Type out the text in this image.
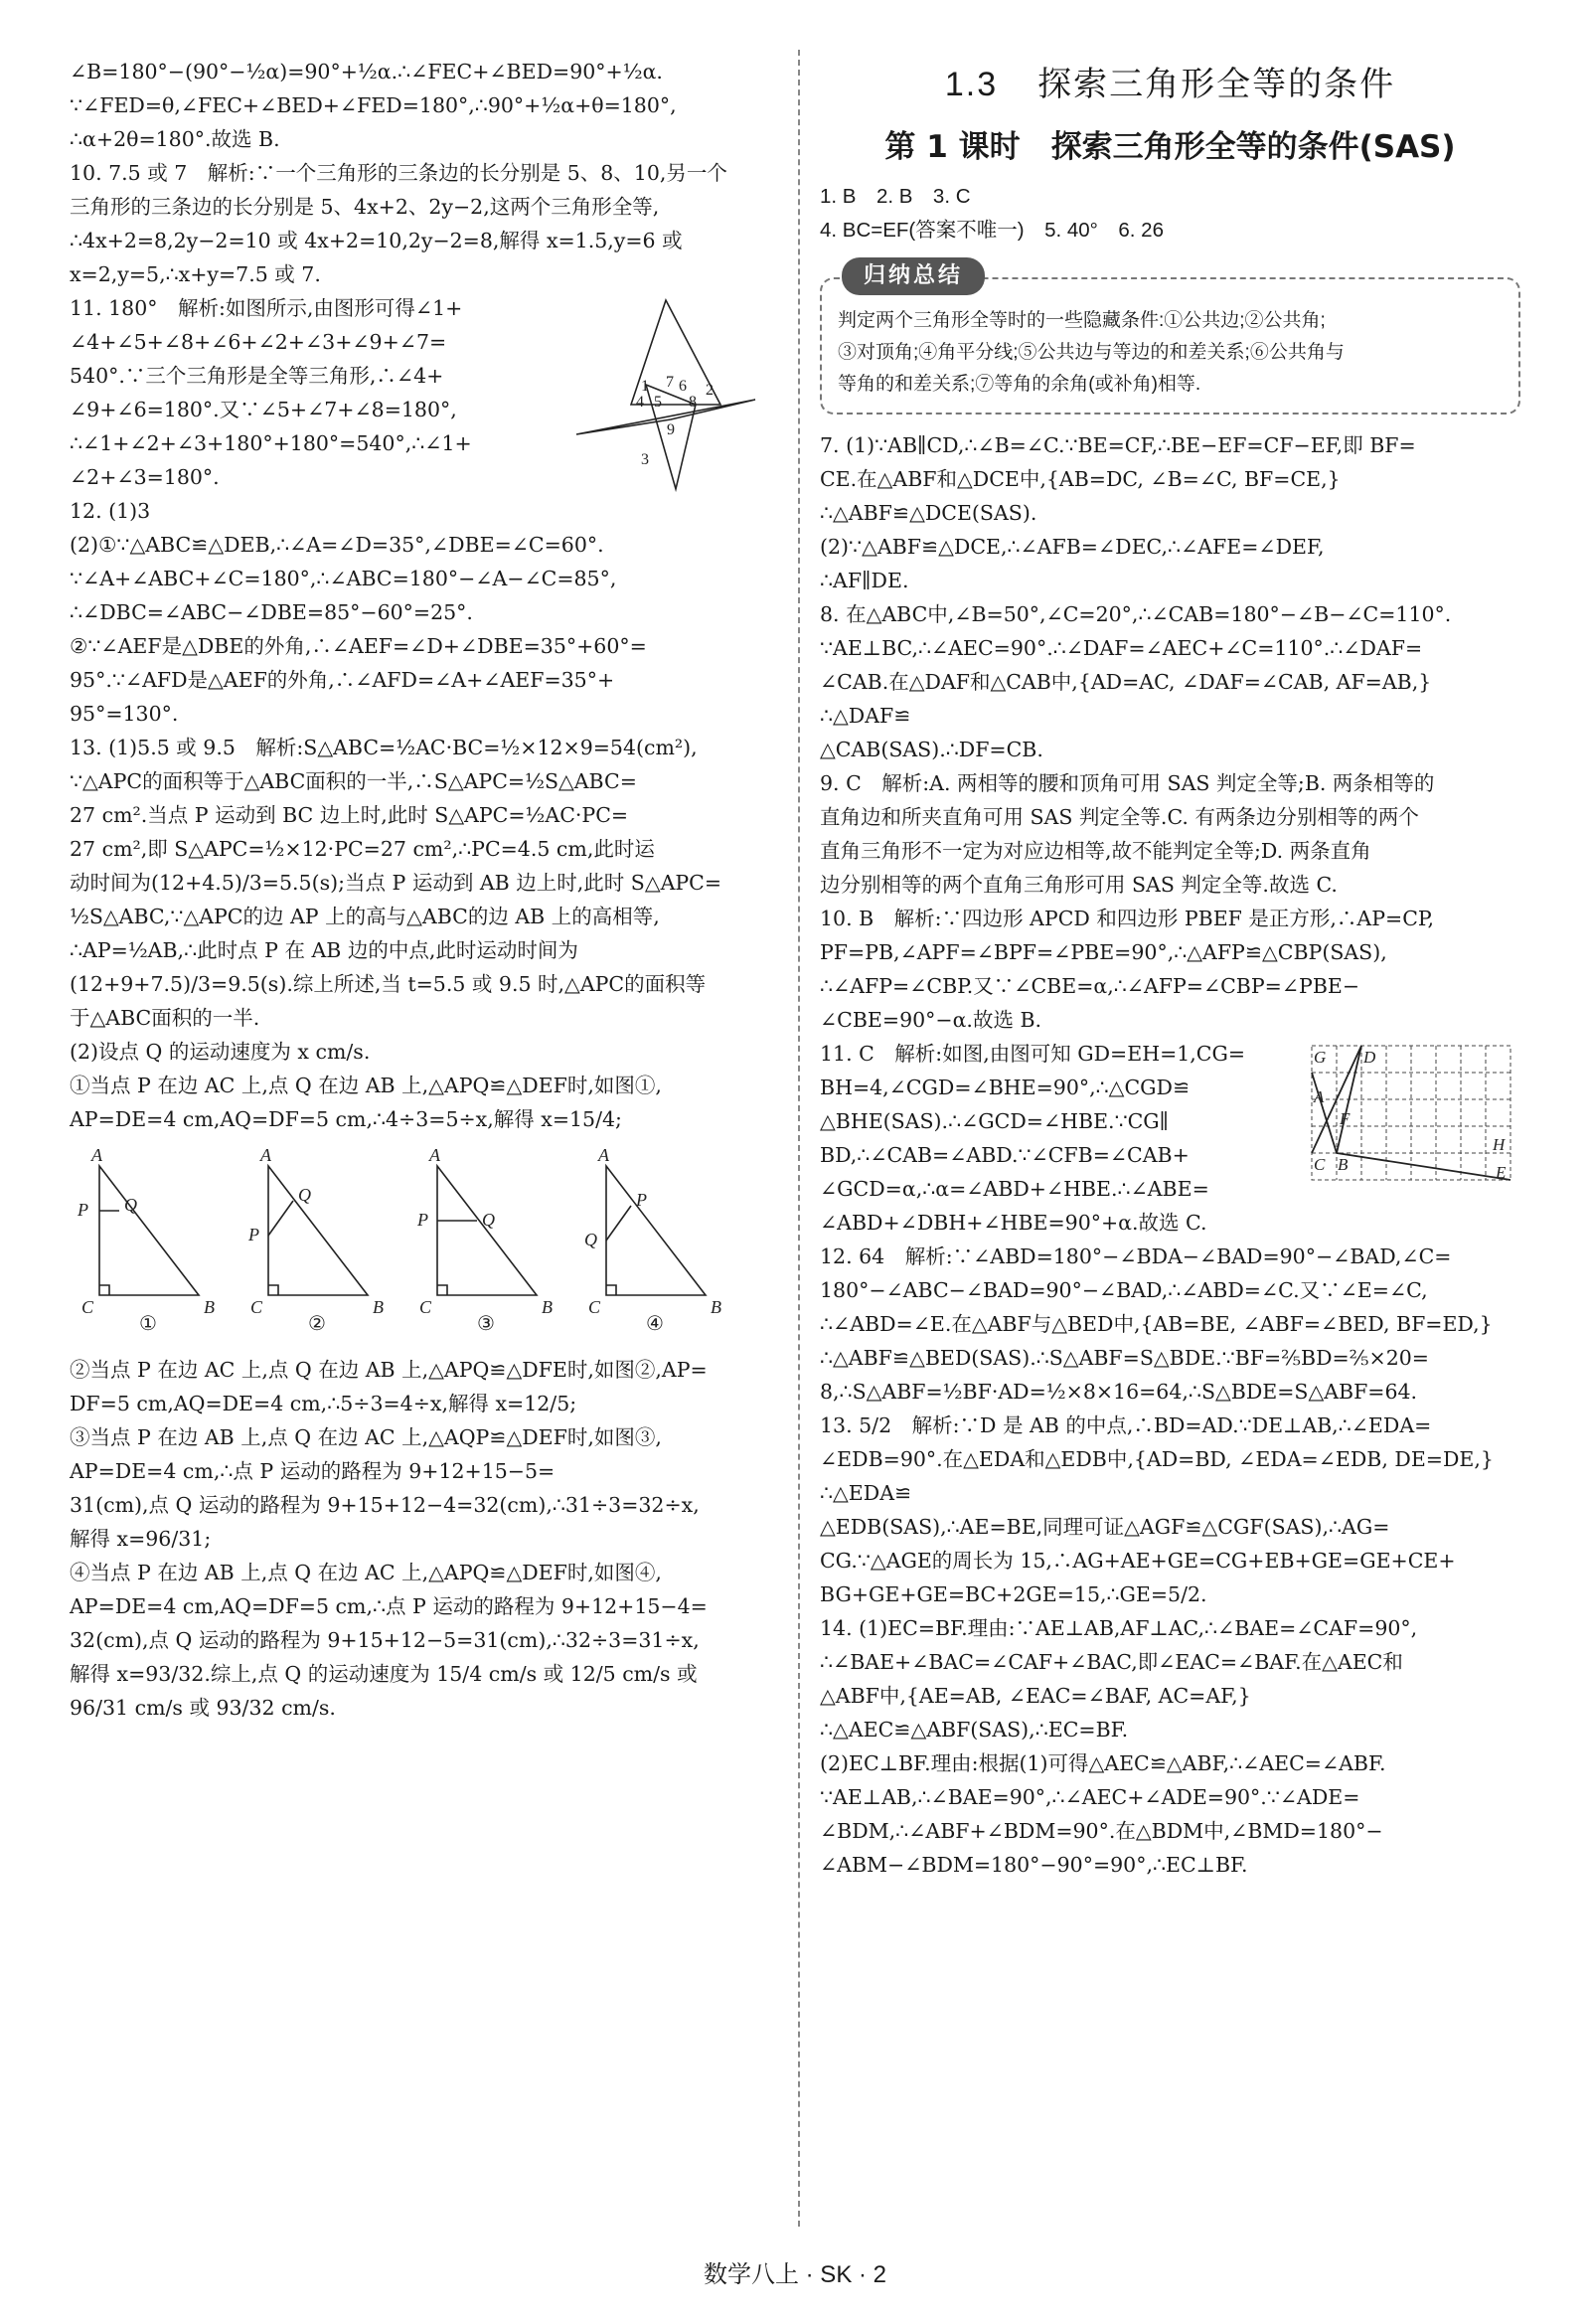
∠B=180°−(90°−½α)=90°+½α.∴∠FEC+∠BED=90°+½α.
∵∠FED=θ,∠FEC+∠BED+∠FED=180°,∴90°+½α+θ=180°,
∴α+2θ=180°.故选 B.
10. 7.5 或 7　解析:∵一个三角形的三条边的长分别是 5、8、10,另一个
三角形的三条边的长分别是 5、4x+2、2y−2,这两个三角形全等,
∴4x+2=8,2y−2=10 或 4x+2=10,2y−2=8,解得 x=1.5,y=6 或
x=2,y=5,∴x+y=7.5 或 7.
1	2
3
4 5
6
7
8
9
11. 180°　解析:如图所示,由图形可得∠1+
∠4+∠5+∠8+∠6+∠2+∠3+∠9+∠7=
540°.∵三个三角形是全等三角形,∴∠4+
∠9+∠6=180°.又∵∠5+∠7+∠8=180°,
∴∠1+∠2+∠3+180°+180°=540°,∴∠1+
∠2+∠3=180°.
12. (1)3
(2)①∵△ABC≌△DEB,∴∠A=∠D=35°,∠DBE=∠C=60°.
∵∠A+∠ABC+∠C=180°,∴∠ABC=180°−∠A−∠C=85°,
∴∠DBC=∠ABC−∠DBE=85°−60°=25°.
②∵∠AEF是△DBE的外角,∴∠AEF=∠D+∠DBE=35°+60°=
95°.∵∠AFD是△AEF的外角,∴∠AFD=∠A+∠AEF=35°+
95°=130°.
13. (1)5.5 或 9.5　解析:S△ABC=½AC·BC=½×12×9=54(cm²),
∵△APC的面积等于△ABC面积的一半,∴S△APC=½S△ABC=
27 cm².当点 P 运动到 BC 边上时,此时 S△APC=½AC·PC=
27 cm²,即 S△APC=½×12·PC=27 cm²,∴PC=4.5 cm,此时运
动时间为(12+4.5)/3=5.5(s);当点 P 运动到 AB 边上时,此时 S△APC=
½S△ABC,∵△APC的边 AP 上的高与△ABC的边 AB 上的高相等,
∴AP=½AB,∴此时点 P 在 AB 边的中点,此时运动时间为
(12+9+7.5)/3=9.5(s).综上所述,当 t=5.5 或 9.5 时,△APC的面积等
于△ABC面积的一半.
(2)设点 Q 的运动速度为 x cm/s.
①当点 P 在边 AC 上,点 Q 在边 AB 上,△APQ≌△DEF时,如图①,
AP=DE=4 cm,AQ=DF=5 cm,∴4÷3=5÷x,解得 x=15/4;
A
P Q
C	B
A
P
Q
C	B
A
P	Q
C	B
A
Q
P
C	B
①	②	③	④
②当点 P 在边 AC 上,点 Q 在边 AB 上,△APQ≌△DFE时,如图②,AP=
DF=5 cm,AQ=DE=4 cm,∴5÷3=4÷x,解得 x=12/5;
③当点 P 在边 AB 上,点 Q 在边 AC 上,△AQP≌△DEF时,如图③,
AP=DE=4 cm,∴点 P 运动的路程为 9+12+15−5=
31(cm),点 Q 运动的路程为 9+15+12−4=32(cm),∴31÷3=32÷x,
解得 x=96/31;
④当点 P 在边 AB 上,点 Q 在边 AC 上,△APQ≌△DEF时,如图④,
AP=DE=4 cm,AQ=DF=5 cm,∴点 P 运动的路程为 9+12+15−4=
32(cm),点 Q 运动的路程为 9+15+12−5=31(cm),∴32÷3=31÷x,
解得 x=93/32.综上,点 Q 的运动速度为 15/4 cm/s 或 12/5 cm/s 或
96/31 cm/s 或 93/32 cm/s.
1.3 探索三角形全等的条件
第 1 课时　探索三角形全等的条件(SAS)
1. B　2. B　3. C
4. BC=EF(答案不唯一)　5. 40°　6. 26
归纳总结
判定两个三角形全等时的一些隐藏条件:①公共边;②公共角;
③对顶角;④角平分线;⑤公共边与等边的和差关系;⑥公共角与
等角的和差关系;⑦等角的余角(或补角)相等.
7. (1)∵AB∥CD,∴∠B=∠C.∵BE=CF,∴BE−EF=CF−EF,即 BF=
CE.在△ABF和△DCE中,{AB=DC, ∠B=∠C, BF=CE,}∴△ABF≌△DCE(SAS).
(2)∵△ABF≌△DCE,∴∠AFB=∠DEC,∴∠AFE=∠DEF,
∴AF∥DE.
8. 在△ABC中,∠B=50°,∠C=20°,∴∠CAB=180°−∠B−∠C=110°.
∵AE⊥BC,∴∠AEC=90°.∴∠DAF=∠AEC+∠C=110°.∴∠DAF=
∠CAB.在△DAF和△CAB中,{AD=AC, ∠DAF=∠CAB, AF=AB,}∴△DAF≌
△CAB(SAS).∴DF=CB.
9. C　解析:A. 两相等的腰和顶角可用 SAS 判定全等;B. 两条相等的
直角边和所夹直角可用 SAS 判定全等.C. 有两条边分别相等的两个
直角三角形不一定为对应边相等,故不能判定全等;D. 两条直角
边分别相等的两个直角三角形可用 SAS 判定全等.故选 C.
10. B　解析:∵四边形 APCD 和四边形 PBEF 是正方形,∴AP=CP,
PF=PB,∠APF=∠BPF=∠PBE=90°,∴△AFP≌△CBP(SAS),
∴∠AFP=∠CBP.又∵∠CBE=α,∴∠AFP=∠CBP=∠PBE−
∠CBE=90°−α.故选 B.
G D
A
F
H
C B	E
11. C　解析:如图,由图可知 GD=EH=1,CG=
BH=4,∠CGD=∠BHE=90°,∴△CGD≌
△BHE(SAS).∴∠GCD=∠HBE.∵CG∥
BD,∴∠CAB=∠ABD.∵∠CFB=∠CAB+
∠GCD=α,∴α=∠ABD+∠HBE.∴∠ABE=
∠ABD+∠DBH+∠HBE=90°+α.故选 C.
12. 64　解析:∵∠ABD=180°−∠BDA−∠BAD=90°−∠BAD,∠C=
180°−∠ABC−∠BAD=90°−∠BAD,∴∠ABD=∠C.又∵∠E=∠C,
∴∠ABD=∠E.在△ABF与△BED中,{AB=BE, ∠ABF=∠BED, BF=ED,}
∴△ABF≌△BED(SAS).∴S△ABF=S△BDE.∵BF=⅖BD=⅖×20=
8,∴S△ABF=½BF·AD=½×8×16=64,∴S△BDE=S△ABF=64.
13. 5/2　解析:∵D 是 AB 的中点,∴BD=AD.∵DE⊥AB,∴∠EDA=
∠EDB=90°.在△EDA和△EDB中,{AD=BD, ∠EDA=∠EDB, DE=DE,}∴△EDA≌
△EDB(SAS),∴AE=BE,同理可证△AGF≌△CGF(SAS),∴AG=
CG.∵△AGE的周长为 15,∴AG+AE+GE=CG+EB+GE=GE+CE+
BG+GE+GE=BC+2GE=15,∴GE=5/2.
14. (1)EC=BF.理由:∵AE⊥AB,AF⊥AC,∴∠BAE=∠CAF=90°,
∴∠BAE+∠BAC=∠CAF+∠BAC,即∠EAC=∠BAF.在△AEC和
△ABF中,{AE=AB, ∠EAC=∠BAF, AC=AF,}∴△AEC≌△ABF(SAS),∴EC=BF.
(2)EC⊥BF.理由:根据(1)可得△AEC≌△ABF,∴∠AEC=∠ABF.
∵AE⊥AB,∴∠BAE=90°,∴∠AEC+∠ADE=90°.∵∠ADE=
∠BDM,∴∠ABF+∠BDM=90°.在△BDM中,∠BMD=180°−
∠ABM−∠BDM=180°−90°=90°,∴EC⊥BF.
数学八上 · SK · 2
